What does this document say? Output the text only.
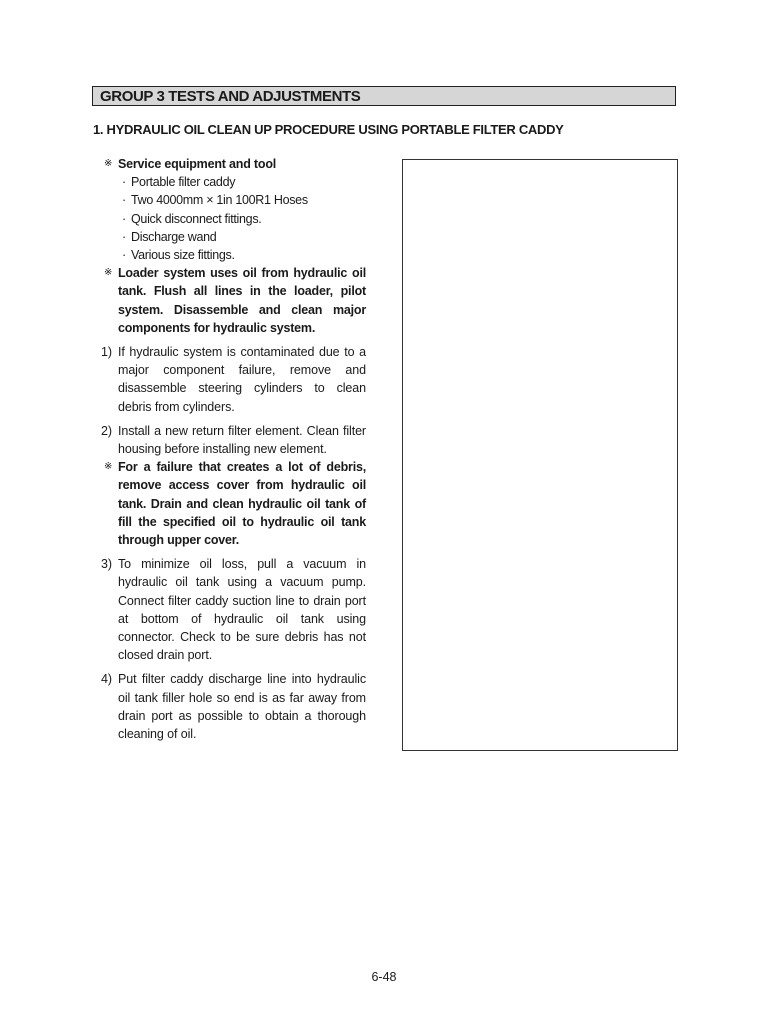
GROUP 3 TESTS AND ADJUSTMENTS
1. HYDRAULIC OIL CLEAN UP PROCEDURE USING PORTABLE FILTER CADDY
※ Service equipment and tool
· Portable filter caddy
· Two 4000mm × 1in 100R1 Hoses
· Quick disconnect fittings.
· Discharge wand
· Various size fittings.
※ Loader system uses oil from hydraulic oil tank. Flush all lines in the loader, pilot system. Disassemble and clean major components for hydraulic system.
1) If hydraulic system is contaminated due to a major component failure, remove and disassemble steering cylinders to clean debris from cylinders.
2) Install a new return filter element. Clean filter housing before installing new element.
※ For a failure that creates a lot of debris, remove access cover from hydraulic oil tank. Drain and clean hydraulic oil tank of fill the specified oil to hydraulic oil tank through upper cover.
3) To minimize oil loss, pull a vacuum in hydraulic oil tank using a vacuum pump. Connect filter caddy suction line to drain port at bottom of hydraulic oil tank using connector. Check to be sure debris has not closed drain port.
4) Put filter caddy discharge line into hydraulic oil tank filler hole so end is as far away from drain port as possible to obtain a thorough cleaning of oil.
6-48
